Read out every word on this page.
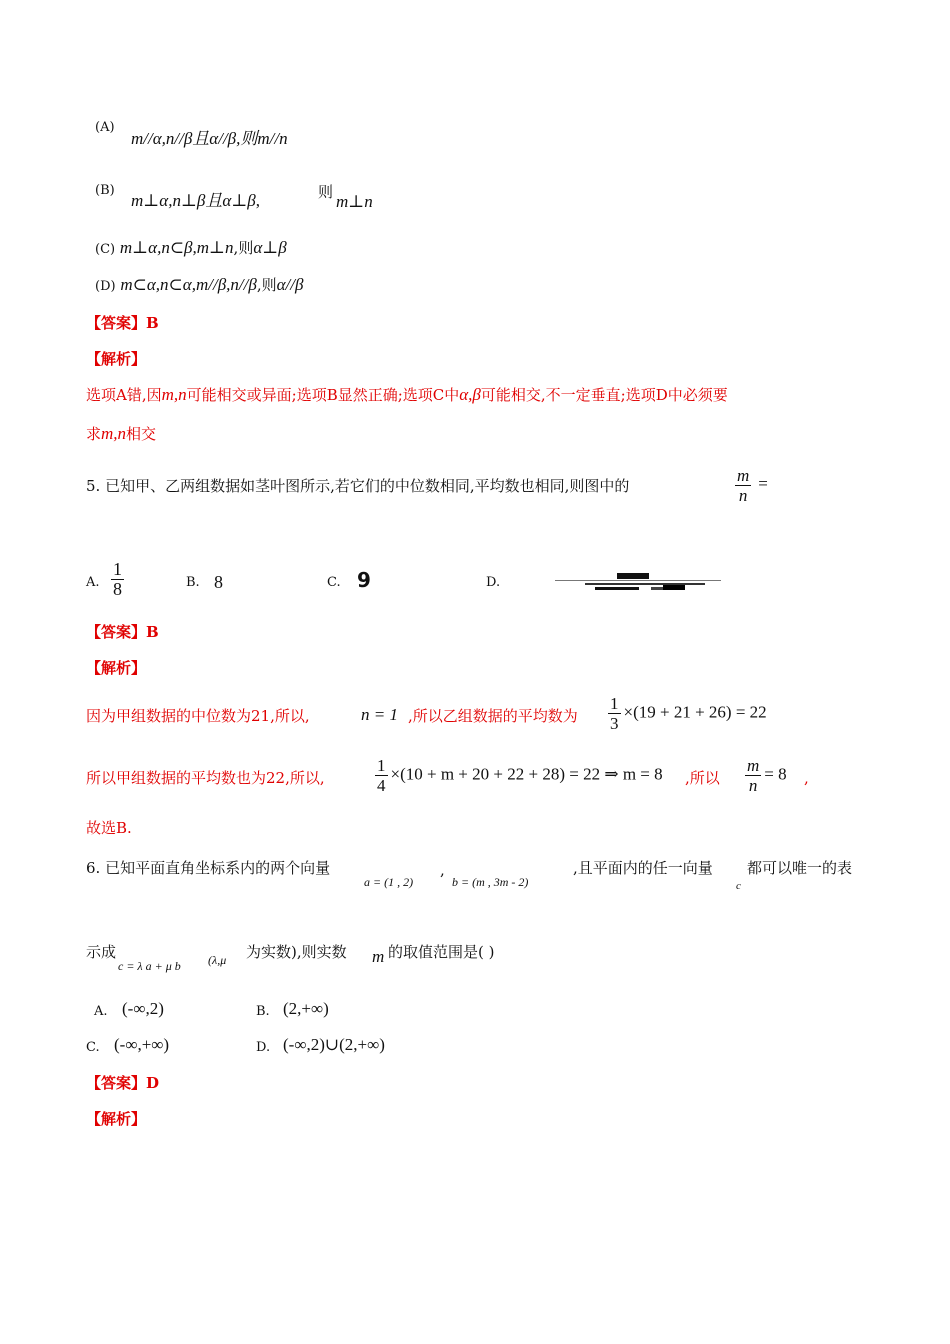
(A)
m//α,n//β且α//β,则m//n
(B)
m⊥α,n⊥β且α⊥β,	则 m⊥n
(C) m⊥α,n⊂β,m⊥n,则α⊥β
(D) m⊂α,n⊂α,m//β,n//β,则α//β
【答案】B
【解析】
选项A错,因m,n可能相交或异面;选项B显然正确;选项C中α,β可能相交,不一定垂直;选项D中必须要
求m,n相交
5. 已知甲、乙两组数据如茎叶图所示,若它们的中位数相同,平均数也相同,则图中的	$\frac{m}{n}$ =
A. $\frac{1}{8}$	B. 8	C. 9	D.
【答案】B
【解析】
因为甲组数据的中位数为21,所以,	n = 1 ,所以乙组数据的平均数为 $\frac{1}{3} \times(19 + 21 + 26) = 22$
所以甲组数据的平均数也为22,所以,	$\frac{1}{4} \times(10 + m + 20 + 22 + 28) = 22$ ⇒ m = 8 ,所以 $\frac{m}{n} = 8$ ,
故选B.
6. 已知平面直角坐标系内的两个向量
a = (1 , 2)
,
b = (m , 3m - 2)
,且平面内的任一向量
c
都可以唯一的表
示成
c = λ a + μ b (λ,μ 为实数),则实数 m 的取值范围是( )
A. (-∞,2)	B. (2,+∞)
C. (-∞,+∞)	D. (-∞,2)∪(2,+∞)
【答案】D
【解析】
